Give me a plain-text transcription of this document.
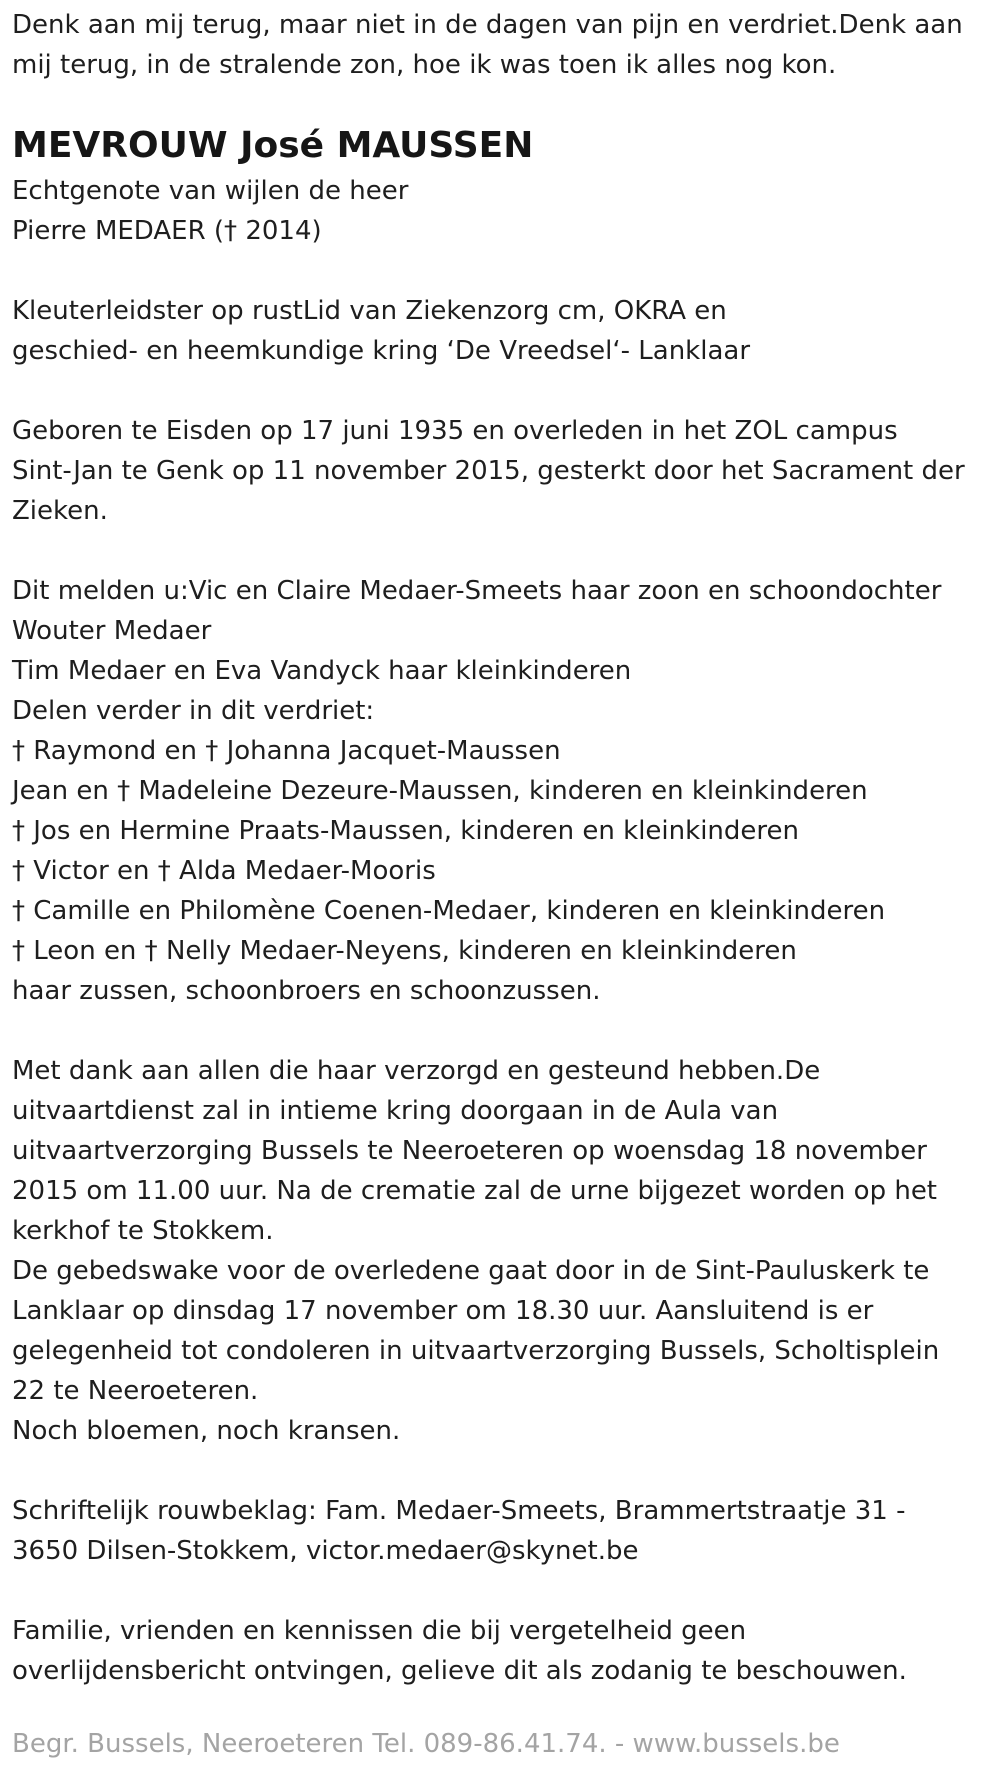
Denk aan mij terug, maar niet in de dagen van pijn en verdriet.Denk aan
mij terug, in de stralende zon, hoe ik was toen ik alles nog kon.
MEVROUW José MAUSSEN
Echtgenote van wijlen de heer
Pierre MEDAER († 2014)
Kleuterleidster op rustLid van Ziekenzorg cm, OKRA en
geschied- en heemkundige kring ‘De Vreedsel‘- Lanklaar
Geboren te Eisden op 17 juni 1935 en overleden in het ZOL campus
Sint-Jan te Genk op 11 november 2015, gesterkt door het Sacrament der
Zieken.
Dit melden u:Vic en Claire Medaer-Smeets haar zoon en schoondochter
Wouter Medaer
Tim Medaer en Eva Vandyck haar kleinkinderen
Delen verder in dit verdriet:
† Raymond en † Johanna Jacquet-Maussen
Jean en † Madeleine Dezeure-Maussen, kinderen en kleinkinderen
† Jos en Hermine Praats-Maussen, kinderen en kleinkinderen
† Victor en † Alda Medaer-Mooris
† Camille en Philomène Coenen-Medaer, kinderen en kleinkinderen
† Leon en † Nelly Medaer-Neyens, kinderen en kleinkinderen
haar zussen, schoonbroers en schoonzussen.
Met dank aan allen die haar verzorgd en gesteund hebben.De
uitvaartdienst zal in intieme kring doorgaan in de Aula van
uitvaartverzorging Bussels te Neeroeteren op woensdag 18 november
2015 om 11.00 uur. Na de crematie zal de urne bijgezet worden op het
kerkhof te Stokkem.
De gebedswake voor de overledene gaat door in de Sint-Pauluskerk te
Lanklaar op dinsdag 17 november om 18.30 uur. Aansluitend is er
gelegenheid tot condoleren in uitvaartverzorging Bussels, Scholtisplein
22 te Neeroeteren.
Noch bloemen, noch kransen.
Schriftelijk rouwbeklag: Fam. Medaer-Smeets, Brammertstraatje 31 -
3650 Dilsen-Stokkem, victor.medaer@skynet.be
Familie, vrienden en kennissen die bij vergetelheid geen
overlijdensbericht ontvingen, gelieve dit als zodanig te beschouwen.
Begr. Bussels, Neeroeteren Tel. 089-86.41.74. - www.bussels.be
